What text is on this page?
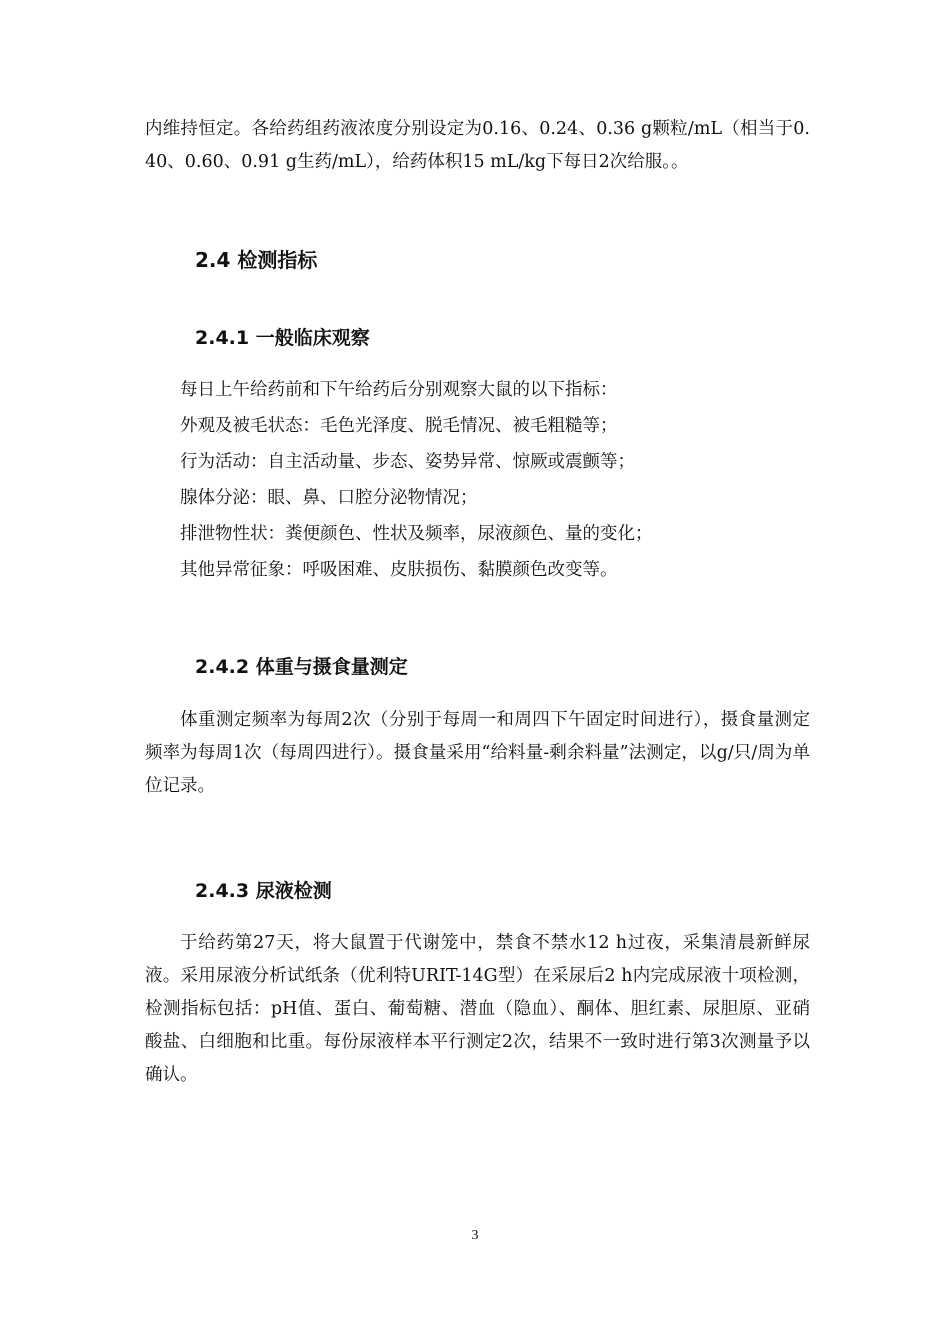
内维持恒定。各给药组药液浓度分别设定为0.16、0.24、0.36 g颗粒/mL（相当于0.40、0.60、0.91 g生药/mL），给药体积15 mL/kg下每日2次给服。。

2.4 检测指标
2.4.1 一般临床观察

每日上午给药前和下午给药后分别观察大鼠的以下指标：

外观及被毛状态：毛色光泽度、脱毛情况、被毛粗糙等；

行为活动：自主活动量、步态、姿势异常、惊厥或震颤等；

腺体分泌：眼、鼻、口腔分泌物情况；

排泄物性状：粪便颜色、性状及频率，尿液颜色、量的变化；

其他异常征象：呼吸困难、皮肤损伤、黏膜颜色改变等。

2.4.2 体重与摄食量测定

体重测定频率为每周2次（分别于每周一和周四下午固定时间进行），摄食量测定频率为每周1次（每周四进行）。摄食量采用“给料量-剩余料量”法测定，以g/只/周为单位记录。

2.4.3 尿液检测

于给药第27天，将大鼠置于代谢笼中，禁食不禁水12 h过夜，采集清晨新鲜尿液。采用尿液分析试纸条（优利特URIT-14G型）在采尿后2 h内完成尿液十项检测，检测指标包括：pH值、蛋白、葡萄糖、潜血（隐血）、酮体、胆红素、尿胆原、亚硝酸盐、白细胞和比重。每份尿液样本平行测定2次，结果不一致时进行第3次测量予以确认。

3
